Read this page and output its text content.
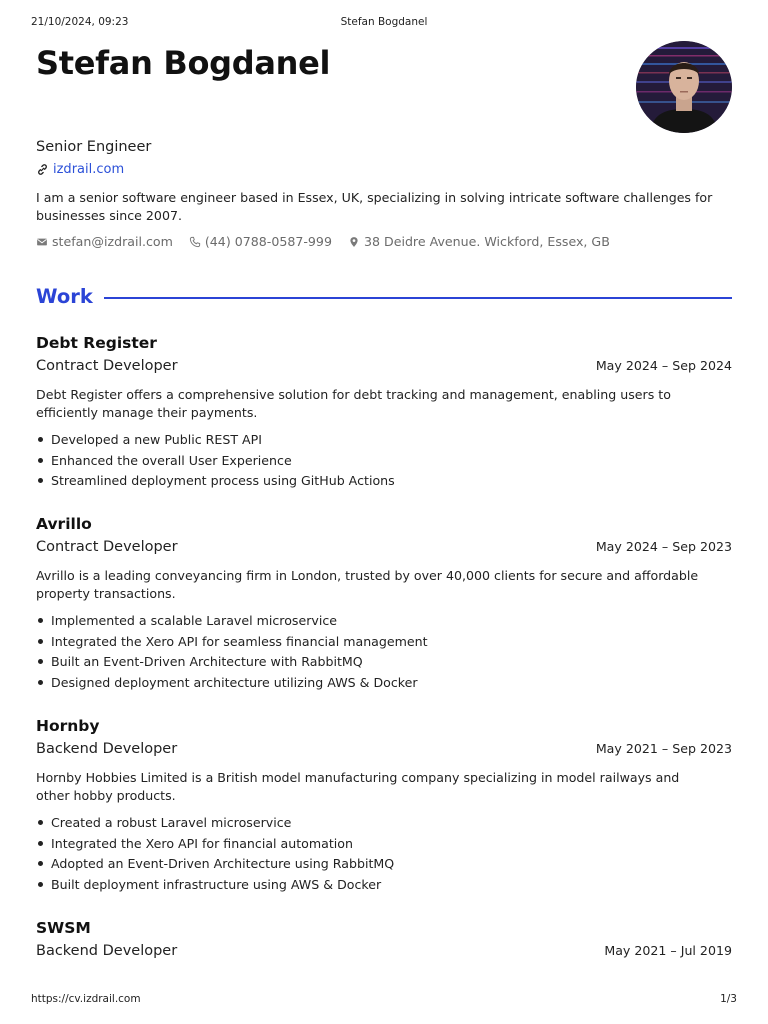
21/10/2024, 09:23	Stefan Bogdanel
Stefan Bogdanel
Senior Engineer
izdrail.com

I am a senior software engineer based in Essex, UK, specializing in solving intricate software challenges for businesses since 2007.

stefan@izdrail.com	(44) 0788-0587-999	38 Deidre Avenue. Wickford, Essex, GB
Work
Debt Register
Contract Developer	May 2024 – Sep 2024

Debt Register offers a comprehensive solution for debt tracking and management, enabling users to efficiently manage their payments.

Developed a new Public REST API
Enhanced the overall User Experience
Streamlined deployment process using GitHub Actions
Avrillo
Contract Developer	May 2024 – Sep 2023

Avrillo is a leading conveyancing firm in London, trusted by over 40,000 clients for secure and affordable property transactions.

Implemented a scalable Laravel microservice
Integrated the Xero API for seamless financial management
Built an Event-Driven Architecture with RabbitMQ
Designed deployment architecture utilizing AWS & Docker
Hornby
Backend Developer	May 2021 – Sep 2023

Hornby Hobbies Limited is a British model manufacturing company specializing in model railways and other hobby products.

Created a robust Laravel microservice
Integrated the Xero API for financial automation
Adopted an Event-Driven Architecture using RabbitMQ
Built deployment infrastructure using AWS & Docker
SWSM
Backend Developer	May 2021 – Jul 2019
https://cv.izdrail.com	1/3
